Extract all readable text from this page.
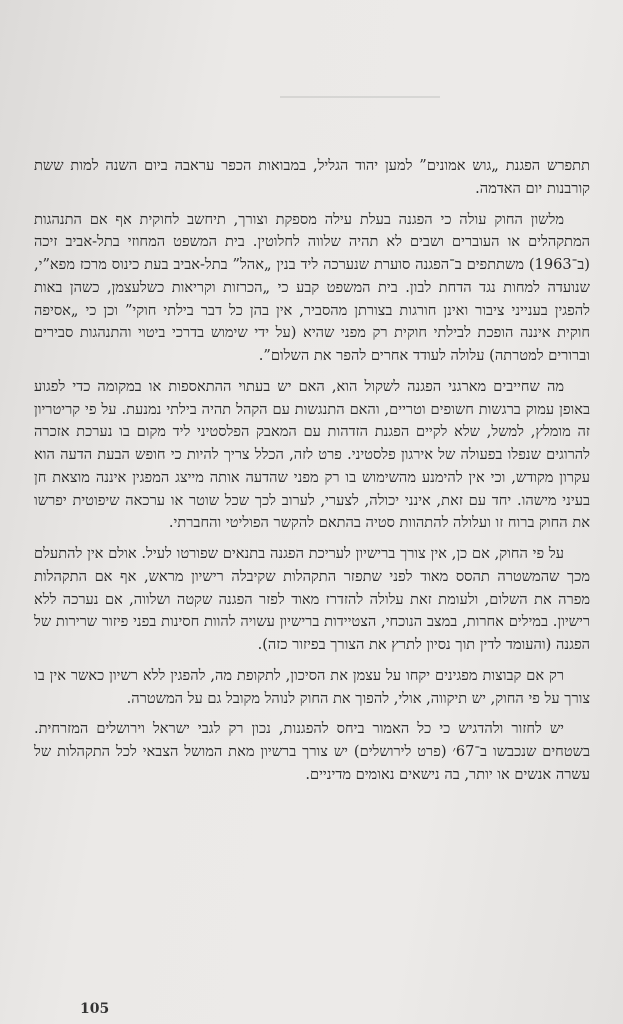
תתפרש הפגנת „גוש אמונים” למען יהוד הגליל, במבואות הכפר עראבה ביום השנה למות ששת קורבנות יום האדמה.

מלשון החוק עולה כי הפגנה בעלת עילה מספקת וצורך, תיחשב לחוקית אף אם התנהגות המתקהלים או העוברים ושבים לא תהיה שלווה לחלוטין. בית המשפט המחוזי בתל-אביב זיכה (ב־1963) משתתפים ב־הפגנה סוערת שנערכה ליד בנין „אהל” בתל-אביב בעת כינוס מרכז מפא”י, שנועדה למחות נגד הדחת לבון. בית המשפט קבע כי „הכרזות וקריאות כשלעצמן, כשהן באות להפגין בענייני ציבור ואינן חורגות בצורתן מהסביר, אין בהן כל דבר בילתי חוקי” וכן כי „אסיפה חוקית איננה הופכת לבילתי חוקית רק מפני שהיא (על ידי שימוש בדרכי ביטוי והתנהגות סבירים וברורים למטרתה) עלולה לעודד אחרים להפר את השלום”.

מה שחייבים מארגני הפגנה לשקול הוא, האם יש בעתוי ההתאספות או במקומה כדי לפגוע באופן עמוק ברגשות חשופים וטריים, והאם התנגשות עם הקהל תהיה בילתי נמנעת. על פי קריטריון זה מומלץ, למשל, שלא לקיים הפגנת הזדהות עם המאבק הפלסטיני ליד מקום בו נערכת אזכרה להרוגים שנפלו בפעולה של אירגון פלסטיני. פרט לזה, הכלל צריך להיות כי חופש הבעת הדעה הוא עקרון מקודש, וכי אין להימנע מהשימוש בו רק מפני שהדעה אותה מייצג המפגין איננה מוצאת חן בעיני מישהו. יחד עם זאת, אינני יכולה, לצערי, לערוב לכך שכל שוטר או ערכאה שיפוטית יפרשו את החוק ברוח זו ועלולה להתהוות סטיה בהתאם להקשר הפוליטי והחברתי.

על פי החוק, אם כן, אין צורך ברישיון לעריכת הפגנה בתנאים שפורטו לעיל. אולם אין להתעלם מכך שהמשטרה תהסס מאוד לפני שתפזר התקהלות שקיבלה רישיון מראש, אף אם התקהלות מפרה את השלום, ולעומת זאת עלולה להזדרז מאוד לפזר הפגנה שקטה ושלווה, אם נערכה ללא רישיון. במילים אחרות, במצב הנוכחי, הצטיידות ברישיון עשויה להוות חסינות בפני פיזור שרירות של הפגנה (והעומד לדין תוך נסיון לתרץ את הצורך בפיזור כזה).

רק אם קבוצות מפגינים יקחו על עצמן את הסיכון, לתקופת מה, להפגין ללא רשיון כאשר אין בו צורך על פי החוק, יש תיקווה, אולי, להפוך את החוק לנוהל מקובל גם על המשטרה.

יש לחזור ולהדגיש כי כל האמור ביחס להפגנות, נכון רק לגבי ישראל וירושלים המזרחית. בשטחים שנכבשו ב־67׳ (פרט לירושלים) יש צורך ברשיון מאת המושל הצבאי לכל התקהלות של עשרה אנשים או יותר, בה נישאים נאומים מדיניים.

105
